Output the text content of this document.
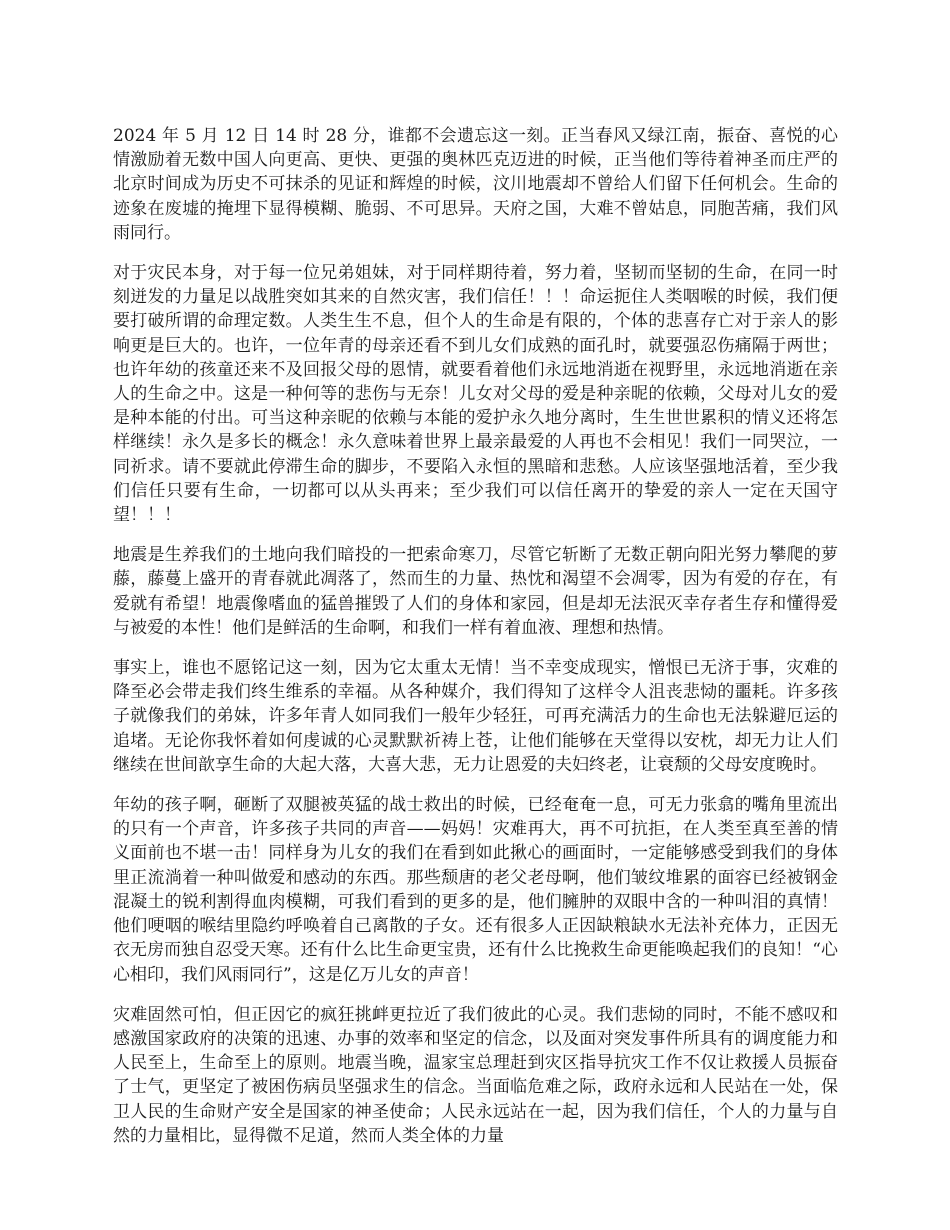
2024 年 5 月 12 日 14 时 28 分，谁都不会遗忘这一刻。正当春风又绿江南，振奋、喜悦的心情激励着无数中国人向更高、更快、更强的奥林匹克迈进的时候，正当他们等待着神圣而庄严的北京时间成为历史不可抹杀的见证和辉煌的时候，汶川地震却不曾给人们留下任何机会。生命的迹象在废墟的掩埋下显得模糊、脆弱、不可思异。天府之国，大难不曾姑息，同胞苦痛，我们风雨同行。

对于灾民本身，对于每一位兄弟姐妹，对于同样期待着，努力着，坚韧而坚韧的生命，在同一时刻迸发的力量足以战胜突如其来的自然灾害，我们信任！！！命运扼住人类咽喉的时候，我们便要打破所谓的命理定数。人类生生不息，但个人的生命是有限的，个体的悲喜存亡对于亲人的影响更是巨大的。也许，一位年青的母亲还看不到儿女们成熟的面孔时，就要强忍伤痛隔于两世；也许年幼的孩童还来不及回报父母的恩情，就要看着他们永远地消逝在视野里，永远地消逝在亲人的生命之中。这是一种何等的悲伤与无奈！儿女对父母的爱是种亲昵的依赖，父母对儿女的爱是种本能的付出。可当这种亲昵的依赖与本能的爱护永久地分离时，生生世世累积的情义还将怎样继续！永久是多长的概念！永久意味着世界上最亲最爱的人再也不会相见！我们一同哭泣，一同祈求。请不要就此停滞生命的脚步，不要陷入永恒的黑暗和悲愁。人应该坚强地活着，至少我们信任只要有生命，一切都可以从头再来；至少我们可以信任离开的挚爱的亲人一定在天国守望！！！

地震是生养我们的土地向我们暗投的一把索命寒刀，尽管它斩断了无数正朝向阳光努力攀爬的萝藤，藤蔓上盛开的青春就此凋落了，然而生的力量、热忱和渴望不会凋零，因为有爱的存在，有爱就有希望！地震像嗜血的猛兽摧毁了人们的身体和家园，但是却无法泯灭幸存者生存和懂得爱与被爱的本性！他们是鲜活的生命啊，和我们一样有着血液、理想和热情。

事实上，谁也不愿铭记这一刻，因为它太重太无情！当不幸变成现实，憎恨已无济于事，灾难的降至必会带走我们终生维系的幸福。从各种媒介，我们得知了这样令人沮丧悲恸的噩耗。许多孩子就像我们的弟妹，许多年青人如同我们一般年少轻狂，可再充满活力的生命也无法躲避厄运的追堵。无论你我怀着如何虔诚的心灵默默祈祷上苍，让他们能够在天堂得以安枕，却无力让人们继续在世间歆享生命的大起大落，大喜大悲，无力让恩爱的夫妇终老，让衰颓的父母安度晚时。

年幼的孩子啊，砸断了双腿被英猛的战士救出的时候，已经奄奄一息，可无力张翕的嘴角里流出的只有一个声音，许多孩子共同的声音——妈妈！灾难再大，再不可抗拒，在人类至真至善的情义面前也不堪一击！同样身为儿女的我们在看到如此揪心的画面时，一定能够感受到我们的身体里正流淌着一种叫做爱和感动的东西。那些颓唐的老父老母啊，他们皱纹堆累的面容已经被钢金混凝土的锐利割得血肉模糊，可我们看到的更多的是，他们臃肿的双眼中含的一种叫泪的真情！他们哽咽的喉结里隐约呼唤着自己离散的子女。还有很多人正因缺粮缺水无法补充体力，正因无衣无房而独自忍受天寒。还有什么比生命更宝贵，还有什么比挽救生命更能唤起我们的良知！“心心相印，我们风雨同行”，这是亿万儿女的声音！

灾难固然可怕，但正因它的疯狂挑衅更拉近了我们彼此的心灵。我们悲恸的同时，不能不感叹和感激国家政府的决策的迅速、办事的效率和坚定的信念，以及面对突发事件所具有的调度能力和人民至上，生命至上的原则。地震当晚，温家宝总理赶到灾区指导抗灾工作不仅让救援人员振奋了士气，更坚定了被困伤病员坚强求生的信念。当面临危难之际，政府永远和人民站在一处，保卫人民的生命财产安全是国家的神圣使命；人民永远站在一起，因为我们信任，个人的力量与自然的力量相比，显得微不足道，然而人类全体的力量
